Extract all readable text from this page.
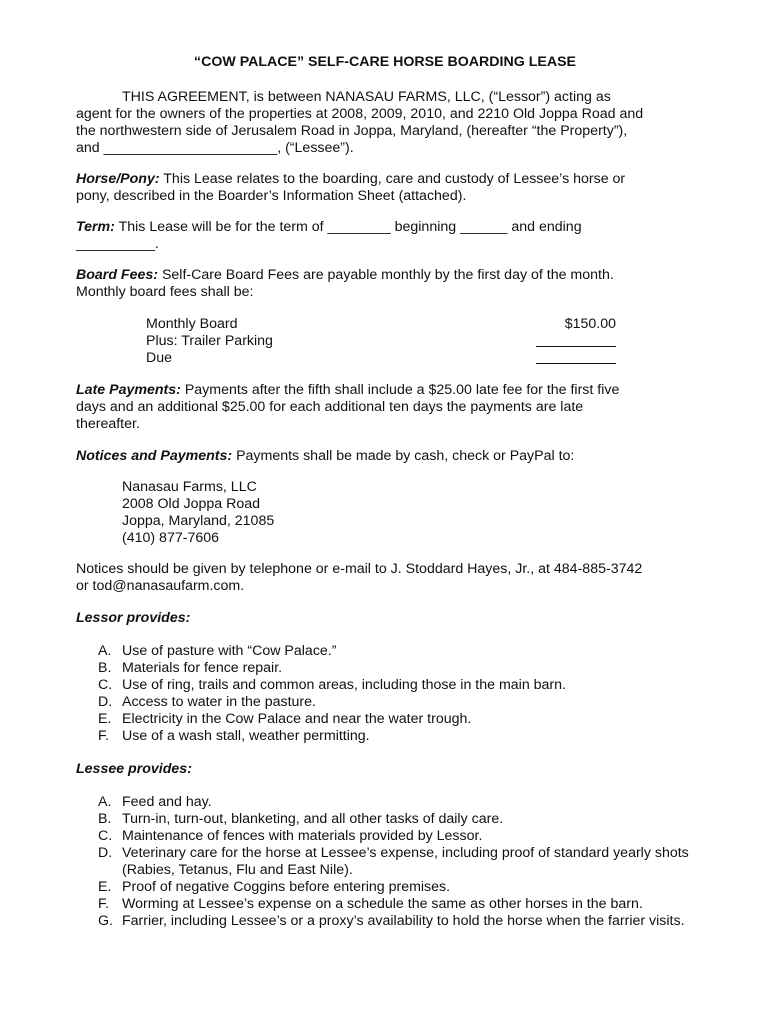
“COW PALACE” SELF-CARE HORSE BOARDING LEASE
THIS AGREEMENT, is between NANASAU FARMS, LLC, (“Lessor”) acting as
agent for the owners of the properties at 2008, 2009, 2010, and 2210 Old Joppa Road and
the northwestern side of Jerusalem Road in Joppa, Maryland, (hereafter “the Property”),
and ______________________, (“Lessee”).
Horse/Pony: This Lease relates to the boarding, care and custody of Lessee’s horse or
pony, described in the Boarder’s Information Sheet (attached).
Term: This Lease will be for the term of ________ beginning ______ and ending
__________.
Board Fees: Self-Care Board Fees are payable monthly by the first day of the month.
Monthly board fees shall be:
Monthly Board	$150.00
Plus: Trailer Parking
Due
Late Payments: Payments after the fifth shall include a $25.00 late fee for the first five
days and an additional $25.00 for each additional ten days the payments are late
thereafter.
Notices and Payments: Payments shall be made by cash, check or PayPal to:
Nanasau Farms, LLC
2008 Old Joppa Road
Joppa, Maryland, 21085
(410) 877-7606
Notices should be given by telephone or e-mail to J. Stoddard Hayes, Jr., at 484-885-3742
or tod@nanasaufarm.com.
Lessor provides:
A. Use of pasture with “Cow Palace.”
B. Materials for fence repair.
C. Use of ring, trails and common areas, including those in the main barn.
D. Access to water in the pasture.
E. Electricity in the Cow Palace and near the water trough.
F. Use of a wash stall, weather permitting.
Lessee provides:
A. Feed and hay.
B. Turn-in, turn-out, blanketing, and all other tasks of daily care.
C. Maintenance of fences with materials provided by Lessor.
D. Veterinary care for the horse at Lessee’s expense, including proof of standard yearly shots (Rabies, Tetanus, Flu and East Nile).
E. Proof of negative Coggins before entering premises.
F. Worming at Lessee’s expense on a schedule the same as other horses in the barn.
G. Farrier, including Lessee’s or a proxy’s availability to hold the horse when the farrier visits.
